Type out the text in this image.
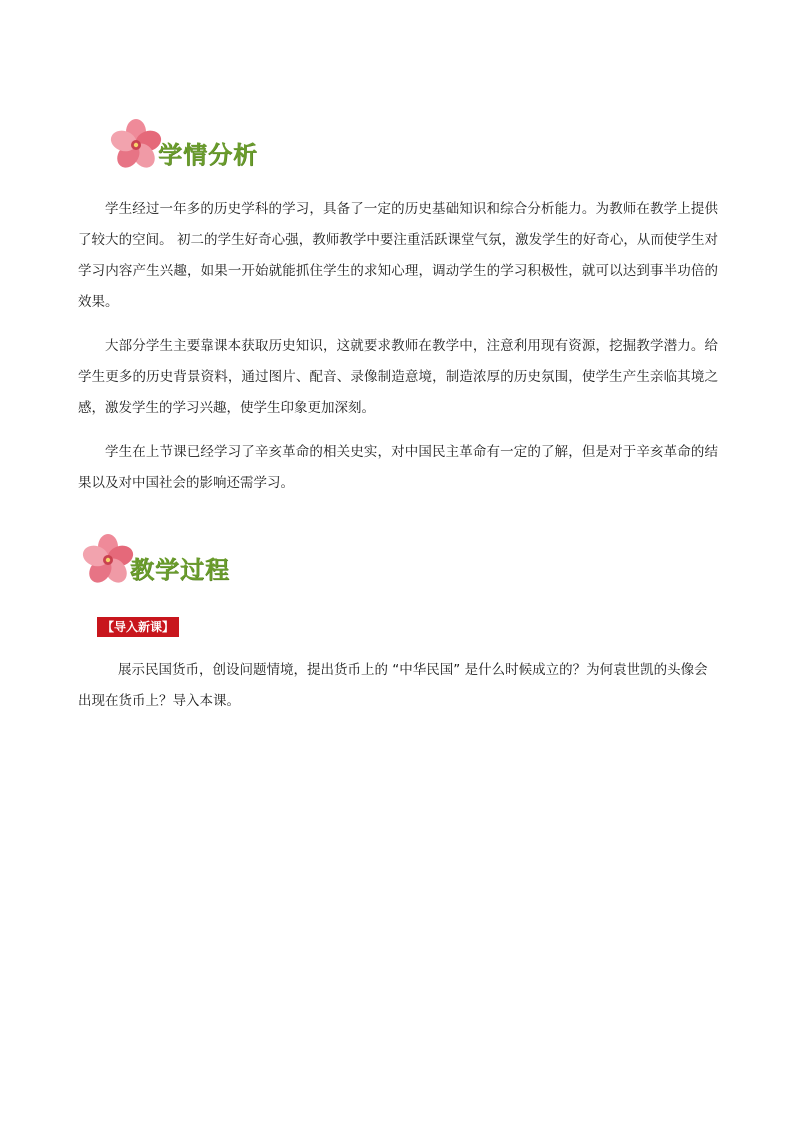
学情分析

学生经过一年多的历史学科的学习，具备了一定的历史基础知识和综合分析能力。为教师在教学上提供了较大的空间。 初二的学生好奇心强，教师教学中要注重活跃课堂气氛，激发学生的好奇心，从而使学生对学习内容产生兴趣，如果一开始就能抓住学生的求知心理，调动学生的学习积极性，就可以达到事半功倍的效果。

大部分学生主要靠课本获取历史知识，这就要求教师在教学中，注意利用现有资源，挖掘教学潜力。给学生更多的历史背景资料，通过图片、配音、录像制造意境，制造浓厚的历史氛围，使学生产生亲临其境之感，激发学生的学习兴趣，使学生印象更加深刻。

学生在上节课已经学习了辛亥革命的相关史实，对中国民主革命有一定的了解，但是对于辛亥革命的结果以及对中国社会的影响还需学习。

教学过程
【导入新课】

展示民国货币，创设问题情境，提出货币上的 “中华民国” 是什么时候成立的？为何袁世凯的头像会出现在货币上？导入本课。
